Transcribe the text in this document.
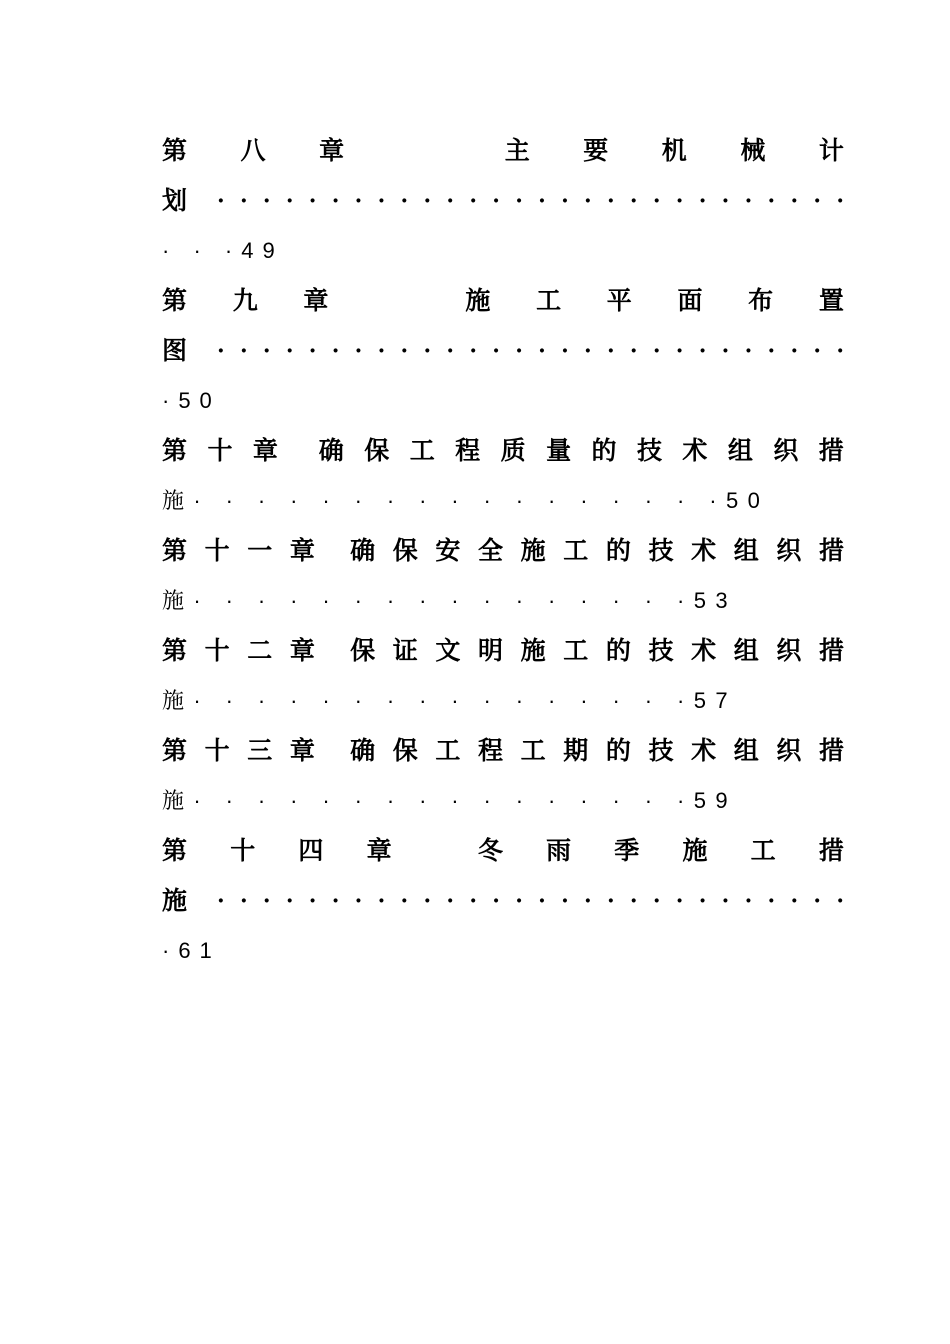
第 八 章	主 要 机 械 计
划 · · · · · · · · · · · · · · · · · · · · · · · · · · · ·
· · ·49
第 九 章	施 工 平 面 布 置
图 · · · · · · · · · · · · · · · · · · · · · · · · · · · ·
·50
第 十 章 确 保 工 程 质 量 的 技 术 组 织 措
施· · · · · · · · · · · · · · · · ·50
第 十 一 章 确 保 安 全 施 工 的 技 术 组 织 措
施· · · · · · · · · · · · · · · ·53
第 十 二 章 保 证 文 明 施 工 的 技 术 组 织 措
施· · · · · · · · · · · · · · · ·57
第 十 三 章 确 保 工 程 工 期 的 技 术 组 织 措
施· · · · · · · · · · · · · · · ·59
第 十 四 章	冬 雨 季 施 工 措
施 · · · · · · · · · · · · · · · · · · · · · · · · · · · ·
·61
